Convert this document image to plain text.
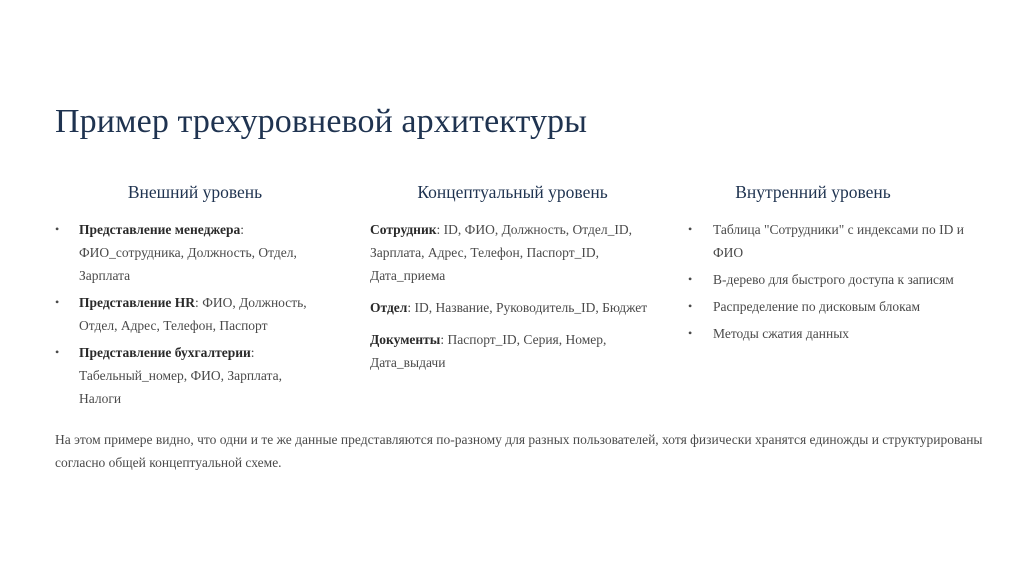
Пример трехуровневой архитектуры
Внешний уровень
• Представление менеджера: ФИО_сотрудника, Должность, Отдел, Зарплата
• Представление HR: ФИО, Должность, Отдел, Адрес, Телефон, Паспорт
• Представление бухгалтерии: Табельный_номер, ФИО, Зарплата, Налоги
Концептуальный уровень

Сотрудник: ID, ФИО, Должность, Отдел_ID, Зарплата, Адрес, Телефон, Паспорт_ID, Дата_приема

Отдел: ID, Название, Руководитель_ID, Бюджет

Документы: Паспорт_ID, Серия, Номер, Дата_выдачи

Внутренний уровень
• Таблица "Сотрудники" с индексами по ID и ФИО
• B-дерево для быстрого доступа к записям
• Распределение по дисковым блокам
• Методы сжатия данных

На этом примере видно, что одни и те же данные представляются по-разному для разных пользователей, хотя физически хранятся единожды и структурированы согласно общей концептуальной схеме.
